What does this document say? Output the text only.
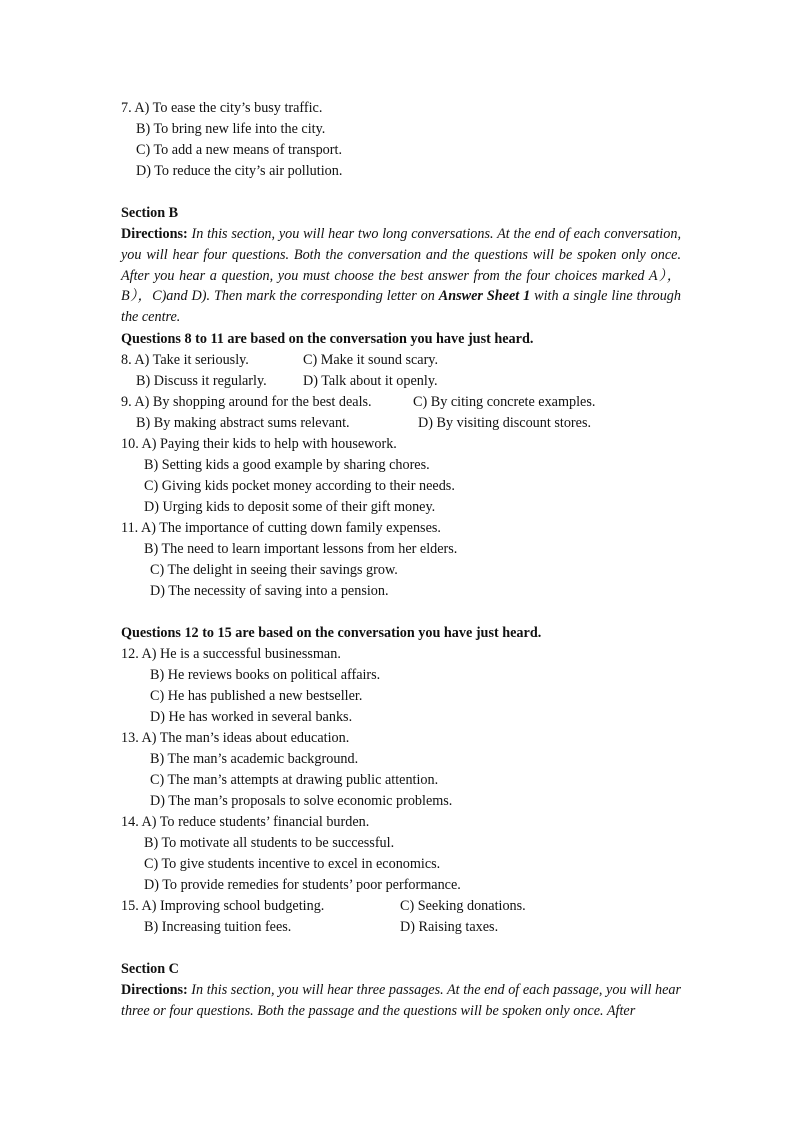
7. A) To ease the city’s busy traffic.
B) To bring new life into the city.
C) To add a new means of transport.
D) To reduce the city’s air pollution.
Section B

Directions: In this section, you will hear two long conversations. At the end of each conversation, you will hear four questions. Both the conversation and the questions will be spoken only once. After you hear a question, you must choose the best answer from the four choices marked A），B），C)and D). Then mark the corresponding letter on Answer Sheet 1 with a single line through the centre.

Questions 8 to 11 are based on the conversation you have just heard.
8. A) Take it seriously.	C) Make it sound scary.
B) Discuss it regularly.	D) Talk about it openly.
9. A) By shopping around for the best deals.	C) By citing concrete examples.
B) By making abstract sums relevant.	D) By visiting discount stores.
10. A) Paying their kids to help with housework.
B) Setting kids a good example by sharing chores.
C) Giving kids pocket money according to their needs.
D) Urging kids to deposit some of their gift money.
11. A) The importance of cutting down family expenses.
B) The need to learn important lessons from her elders.
C) The delight in seeing their savings grow.
D) The necessity of saving into a pension.
Questions 12 to 15 are based on the conversation you have just heard.
12. A) He is a successful businessman.
B) He reviews books on political affairs.
C) He has published a new bestseller.
D) He has worked in several banks.
13. A) The man’s ideas about education.
B) The man’s academic background.
C) The man’s attempts at drawing public attention.
D) The man’s proposals to solve economic problems.
14. A) To reduce students’ financial burden.
B) To motivate all students to be successful.
C) To give students incentive to excel in economics.
D) To provide remedies for students’ poor performance.
15. A) Improving school budgeting.	C) Seeking donations.
B) Increasing tuition fees.	D) Raising taxes.
Section C

Directions: In this section, you will hear three passages. At the end of each passage, you will hear three or four questions. Both the passage and the questions will be spoken only once. After
